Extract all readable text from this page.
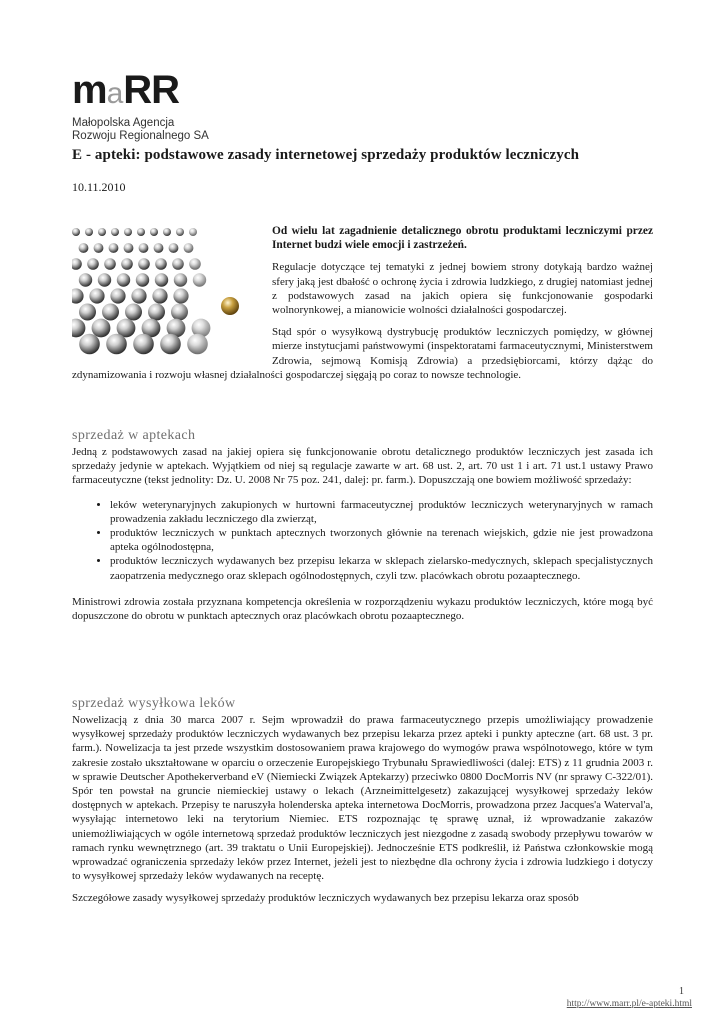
maRR
Małopolska Agencja
Rozwoju Regionalnego SA
E - apteki: podstawowe zasady internetowej sprzedaży produktów leczniczych
10.11.2010

Od wielu lat zagadnienie detalicznego obrotu produktami leczniczymi przez Internet budzi wiele emocji i zastrzeżeń.

Regulacje dotyczące tej tematyki z jednej bowiem strony dotykają bardzo ważnej sfery jaką jest dbałość o ochronę życia i zdrowia ludzkiego, z drugiej natomiast jednej z podstawowych zasad na jakich opiera się funkcjonowanie gospodarki wolnorynkowej, a mianowicie wolności działalności gospodarczej.

Stąd spór o wysyłkową dystrybucję produktów leczniczych pomiędzy, w głównej mierze instytucjami państwowymi (inspektoratami farmaceutycznymi, Ministerstwem Zdrowia, sejmową Komisją Zdrowia) a przedsiębiorcami, którzy dążąc do zdynamizowania i rozwoju własnej działalności gospodarczej sięgają po coraz to nowsze technologie.

sprzedaż w aptekach

Jedną z podstawowych zasad na jakiej opiera się funkcjonowanie obrotu detalicznego produktów leczniczych jest zasada ich sprzedaży jedynie w aptekach. Wyjątkiem od niej są regulacje zawarte w art. 68 ust. 2, art. 70 ust 1 i art. 71 ust.1 ustawy Prawo farmaceutyczne (tekst jednolity: Dz. U. 2008 Nr 75 poz. 241, dalej: pr. farm.). Dopuszczają one bowiem możliwość sprzedaży:

• leków weterynaryjnych zakupionych w hurtowni farmaceutycznej produktów leczniczych weterynaryjnych w ramach prowadzenia zakładu leczniczego dla zwierząt,
• produktów leczniczych w punktach aptecznych tworzonych głównie na terenach wiejskich, gdzie nie jest prowadzona apteka ogólnodostępna,
• produktów leczniczych wydawanych bez przepisu lekarza w sklepach zielarsko-medycznych, sklepach specjalistycznych zaopatrzenia medycznego oraz sklepach ogólnodostępnych, czyli tzw. placówkach obrotu pozaaptecznego.

Ministrowi zdrowia została przyznana kompetencja określenia w rozporządzeniu wykazu produktów leczniczych, które mogą być dopuszczone do obrotu w punktach aptecznych oraz placówkach obrotu pozaaptecznego.

sprzedaż wysyłkowa leków

Nowelizacją z dnia 30 marca 2007 r. Sejm wprowadził do prawa farmaceutycznego przepis umożliwiający prowadzenie wysyłkowej sprzedaży produktów leczniczych wydawanych bez przepisu lekarza przez apteki i punkty apteczne (art. 68 ust. 3 pr. farm.). Nowelizacja ta jest przede wszystkim dostosowaniem prawa krajowego do wymogów prawa wspólnotowego, które w tym zakresie zostało ukształtowane w oparciu o orzeczenie Europejskiego Trybunału Sprawiedliwości (dalej: ETS) z 11 grudnia 2003 r. w sprawie Deutscher Apothekerverband eV (Niemiecki Związek Aptekarzy) przeciwko 0800 DocMorris NV (nr sprawy C-322/01). Spór ten powstał na gruncie niemieckiej ustawy o lekach (Arzneimittelgesetz) zakazującej wysyłkowej sprzedaży leków dostępnych w aptekach. Przepisy te naruszyła holenderska apteka internetowa DocMorris, prowadzona przez Jacques'a Waterval'a, wysyłając internetowo leki na terytorium Niemiec. ETS rozpoznając tę sprawę uznał, iż wprowadzanie zakazów uniemożliwiających w ogóle internetową sprzedaż produktów leczniczych jest niezgodne z zasadą swobody przepływu towarów w ramach rynku wewnętrznego (art. 39 traktatu o Unii Europejskiej). Jednocześnie ETS podkreślił, iż Państwa członkowskie mogą wprowadzać ograniczenia sprzedaży leków przez Internet, jeżeli jest to niezbędne dla ochrony życia i zdrowia ludzkiego i dotyczy to wysyłkowej sprzedaży leków wydawanych na receptę.

Szczegółowe zasady wysyłkowej sprzedaży produktów leczniczych wydawanych bez przepisu lekarza oraz sposób

1
http://www.marr.pl/e-apteki.html
